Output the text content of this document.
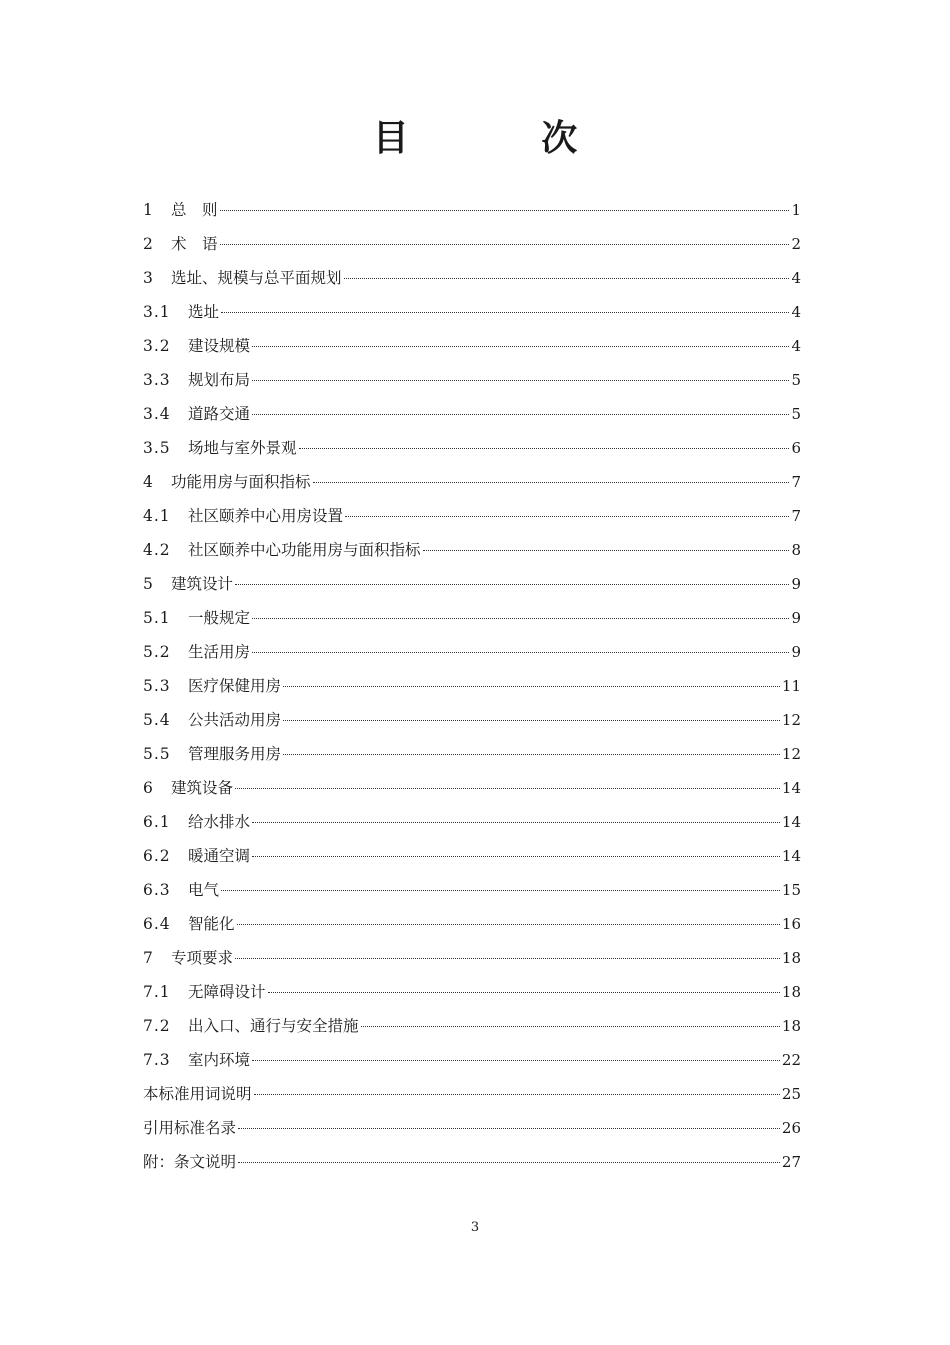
目 次
1	总　则	1
2	术　语	2
3	选址、规模与总平面规划	4
3.1	选址	4
3.2	建设规模	4
3.3	规划布局	5
3.4	道路交通	5
3.5	场地与室外景观	6
4	功能用房与面积指标	7
4.1	社区颐养中心用房设置	7
4.2	社区颐养中心功能用房与面积指标	8
5	建筑设计	9
5.1	一般规定	9
5.2	生活用房	9
5.3	医疗保健用房	11
5.4	公共活动用房	12
5.5	管理服务用房	12
6	建筑设备	14
6.1	给水排水	14
6.2	暖通空调	14
6.3	电气	15
6.4	智能化	16
7	专项要求	18
7.1	无障碍设计	18
7.2	出入口、通行与安全措施	18
7.3	室内环境	22
本标准用词说明	25
引用标准名录	26
附：条文说明	27
3
